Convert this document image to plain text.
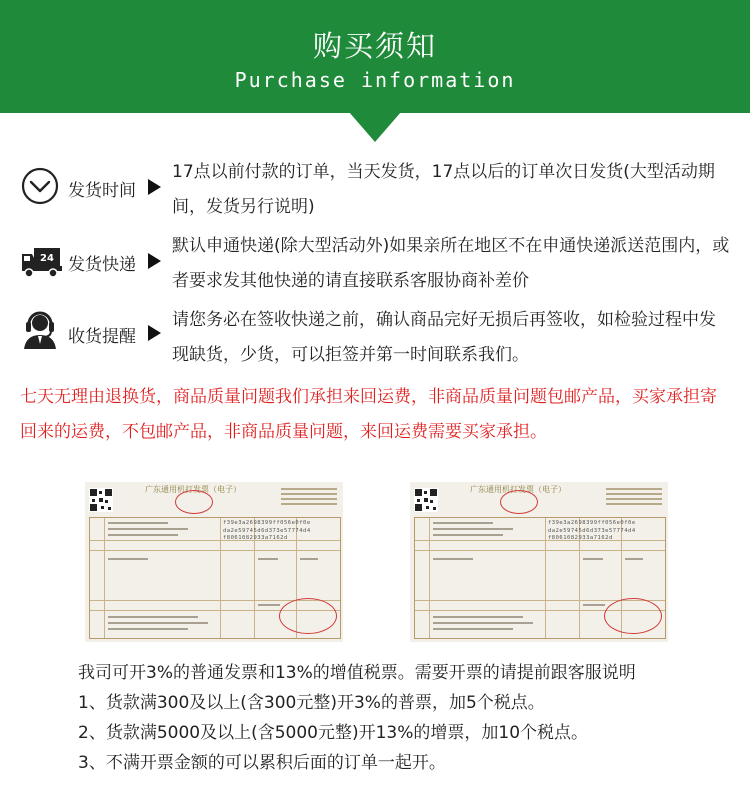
购买须知
Purchase information
发货时间
17点以前付款的订单，当天发货，17点以后的订单次日发货(大型活动期间，发货另行说明)
24 发货快递
默认申通快递(除大型活动外)如果亲所在地区不在申通快递派送范围内，或者要求发其他快递的请直接联系客服协商补差价
收货提醒
请您务必在签收快递之前，确认商品完好无损后再签收，如检验过程中发现缺货，少货，可以拒签并第一时间联系我们。
七天无理由退换货，商品质量问题我们承担来回运费，非商品质量问题包邮产品，买家承担寄回来的运费，不包邮产品，非商品质量问题，来回运费需要买家承担。
广东通用机打发票（电子）
f39e3a2698399ff056e0f0eda2e59745d6d373e57774d4f8061082933a7162d
广东通用机打发票（电子）
f39e3a2698399ff056e0f0eda2e59745d6d373e57774d4f8061082933a7162d
我司可开3%的普通发票和13%的增值税票。需要开票的请提前跟客服说明
1、货款满300及以上(含300元整)开3%的普票，加5个税点。
2、货款满5000及以上(含5000元整)开13%的增票，加10个税点。
3、不满开票金额的可以累积后面的订单一起开。
